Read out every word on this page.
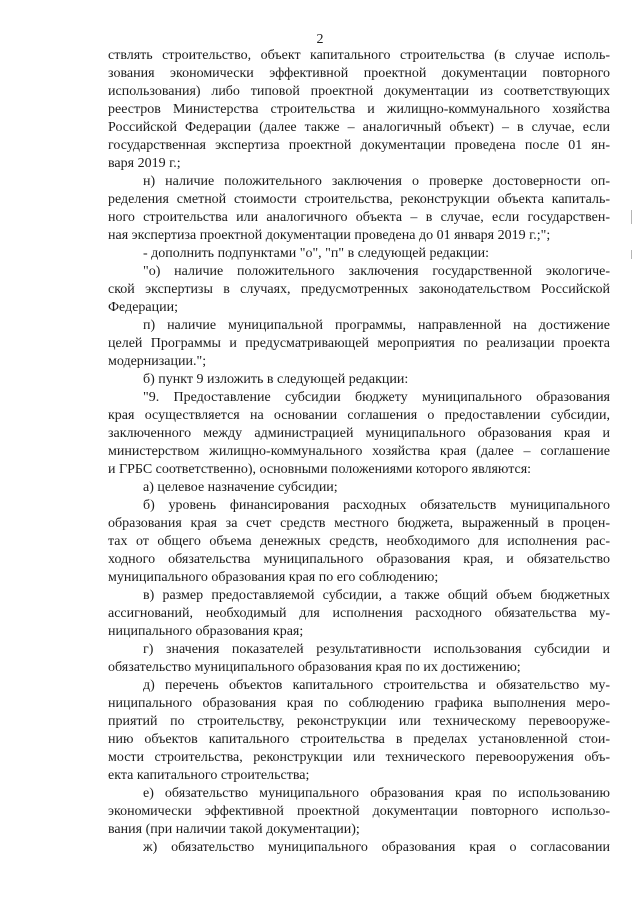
2
ствлять строительство, объект капитального строительства (в случае исполь-
зования экономически эффективной проектной документации повторного
использования) либо типовой проектной документации из соответствующих
реестров Министерства строительства и жилищно-коммунального хозяйства
Российской Федерации (далее также – аналогичный объект) – в случае, если
государственная экспертиза проектной документации проведена после 01 ян-
варя 2019 г.;
н) наличие положительного заключения о проверке достоверности оп-
ределения сметной стоимости строительства, реконструкции объекта капиталь-
ного строительства или аналогичного объекта – в случае, если государствен-
ная экспертиза проектной документации проведена до 01 января 2019 г.;";
- дополнить подпунктами "о", "п" в следующей редакции:
"о) наличие положительного заключения государственной экологиче-
ской экспертизы в случаях, предусмотренных законодательством Российской
Федерации;
п) наличие муниципальной программы, направленной на достижение
целей Программы и предусматривающей мероприятия по реализации проекта
модернизации.";
б) пункт 9 изложить в следующей редакции:
"9. Предоставление субсидии бюджету муниципального образования
края осуществляется на основании соглашения о предоставлении субсидии,
заключенного между администрацией муниципального образования края и
министерством жилищно-коммунального хозяйства края (далее – соглашение
и ГРБС соответственно), основными положениями которого являются:
а) целевое назначение субсидии;
б) уровень финансирования расходных обязательств муниципального
образования края за счет средств местного бюджета, выраженный в процен-
тах от общего объема денежных средств, необходимого для исполнения рас-
ходного обязательства муниципального образования края, и обязательство
муниципального образования края по его соблюдению;
в) размер предоставляемой субсидии, а также общий объем бюджетных
ассигнований, необходимый для исполнения расходного обязательства му-
ниципального образования края;
г) значения показателей результативности использования субсидии и
обязательство муниципального образования края по их достижению;
д) перечень объектов капитального строительства и обязательство му-
ниципального образования края по соблюдению графика выполнения меро-
приятий по строительству, реконструкции или техническому перевооруже-
нию объектов капитального строительства в пределах установленной стои-
мости строительства, реконструкции или технического перевооружения объ-
екта капитального строительства;
е) обязательство муниципального образования края по использованию
экономически эффективной проектной документации повторного использо-
вания (при наличии такой документации);
ж) обязательство муниципального образования края о согласовании
